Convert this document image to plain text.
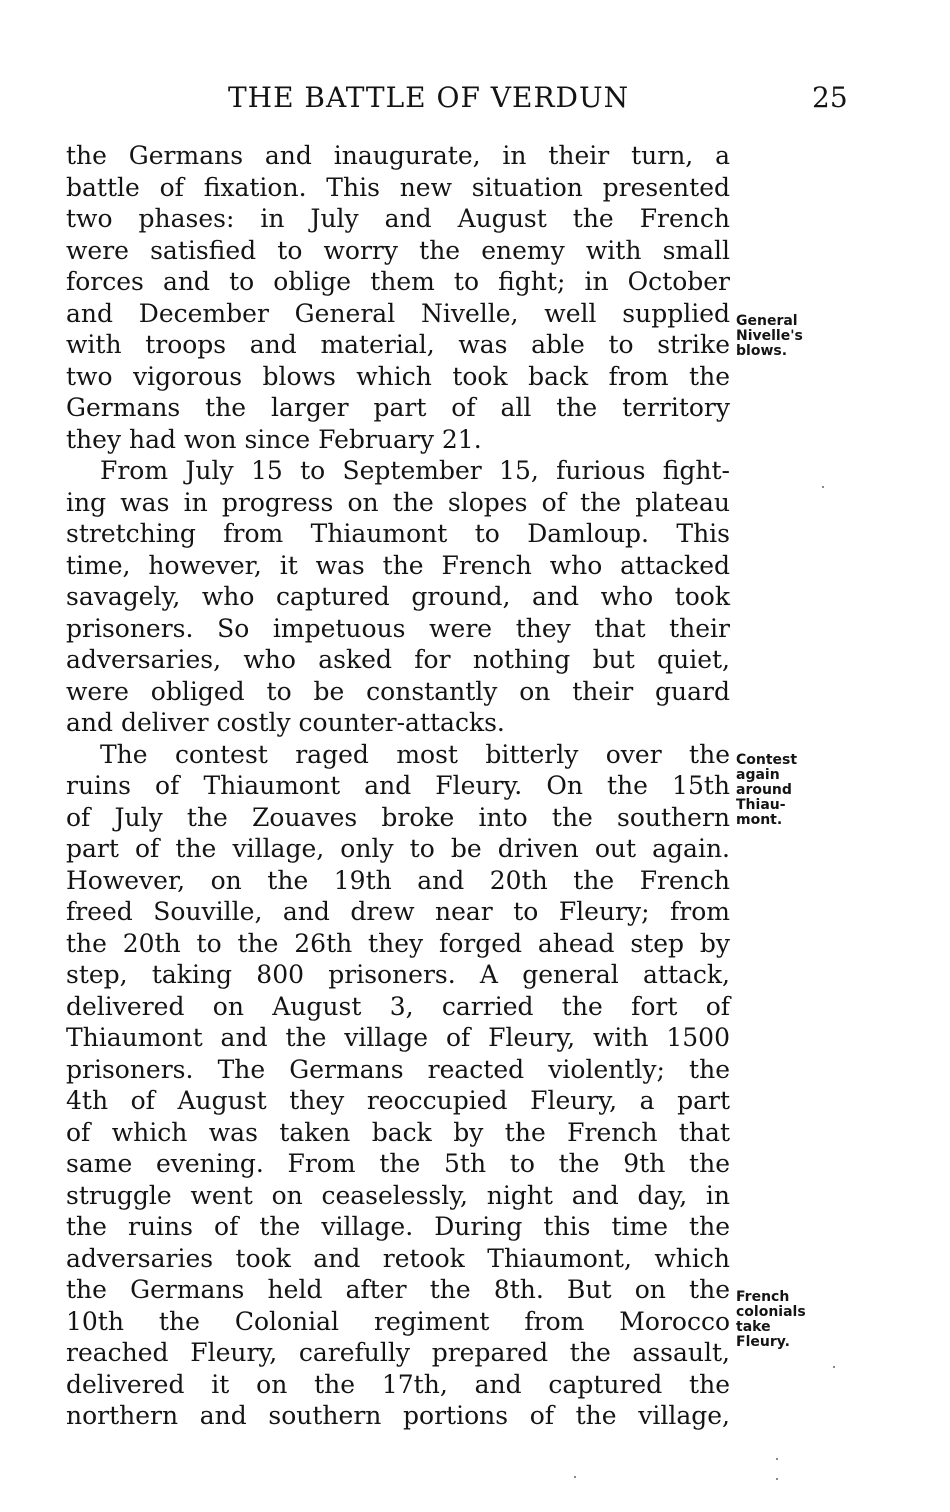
THE BATTLE OF VERDUN	25
the Germans and inaugurate, in their turn, a
battle of fixation. This new situation presented
two phases: in July and August the French
were satisfied to worry the enemy with small
forces and to oblige them to fight; in October
and December General Nivelle, well supplied
with troops and material, was able to strike
two vigorous blows which took back from the
Germans the larger part of all the territory
they had won since February 21.
From July 15 to September 15, furious fight-
ing was in progress on the slopes of the plateau
stretching from Thiaumont to Damloup. This
time, however, it was the French who attacked
savagely, who captured ground, and who took
prisoners. So impetuous were they that their
adversaries, who asked for nothing but quiet,
were obliged to be constantly on their guard
and deliver costly counter-attacks.
The contest raged most bitterly over the
ruins of Thiaumont and Fleury. On the 15th
of July the Zouaves broke into the southern
part of the village, only to be driven out again.
However, on the 19th and 20th the French
freed Souville, and drew near to Fleury; from
the 20th to the 26th they forged ahead step by
step, taking 800 prisoners. A general attack,
delivered on August 3, carried the fort of
Thiaumont and the village of Fleury, with 1500
prisoners. The Germans reacted violently; the
4th of August they reoccupied Fleury, a part
of which was taken back by the French that
same evening. From the 5th to the 9th the
struggle went on ceaselessly, night and day, in
the ruins of the village. During this time the
adversaries took and retook Thiaumont, which
the Germans held after the 8th. But on the
10th the Colonial regiment from Morocco
reached Fleury, carefully prepared the assault,
delivered it on the 17th, and captured the
northern and southern portions of the village,
General
Nivelle's
blows.
Contest
again
around
Thiau-
mont.
French
colonials
take
Fleury.
